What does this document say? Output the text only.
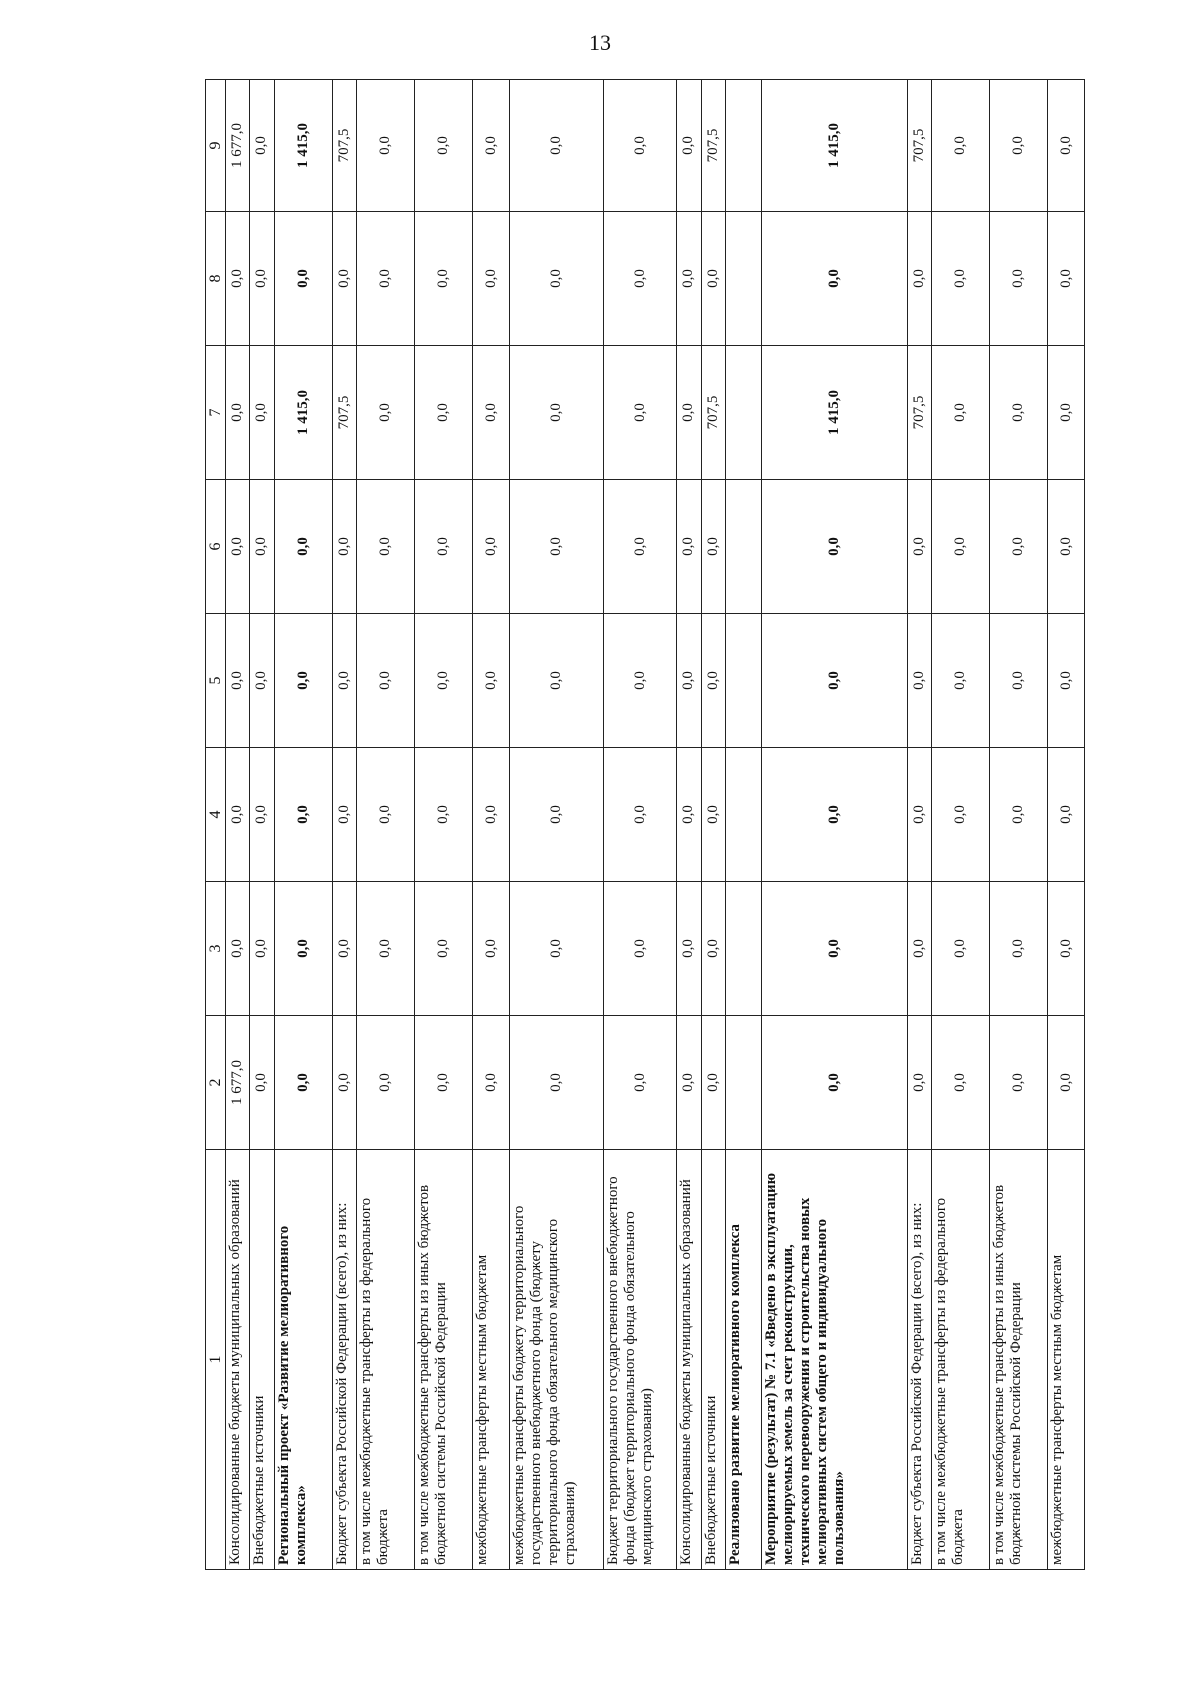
13
1	2	3	4	5	6	7	8	9
Консолидированные бюджеты муниципальных образований	1 677,0	0,0	0,0	0,0	0,0	0,0	0,0	1 677,0
Внебюджетные источники	0,0	0,0	0,0	0,0	0,0	0,0	0,0	0,0
Региональный проект «Развитие мелиоративного комплекса»	0,0	0,0	0,0	0,0	0,0	1 415,0	0,0	1 415,0
Бюджет субъекта Российской Федерации (всего), из них:	0,0	0,0	0,0	0,0	0,0	707,5	0,0	707,5
в том числе межбюджетные трансферты из федерального бюджета	0,0	0,0	0,0	0,0	0,0	0,0	0,0	0,0
в том числе межбюджетные трансферты из иных бюджетов бюджетной системы Российской Федерации	0,0	0,0	0,0	0,0	0,0	0,0	0,0	0,0
межбюджетные трансферты местным бюджетам	0,0	0,0	0,0	0,0	0,0	0,0	0,0	0,0
межбюджетные трансферты бюджету территориального государственного внебюджетного фонда (бюджету территориального фонда обязательного медицинского страхования)	0,0	0,0	0,0	0,0	0,0	0,0	0,0	0,0
Бюджет территориального государственного внебюджетного фонда (бюджет территориального фонда обязательного медицинского страхования)	0,0	0,0	0,0	0,0	0,0	0,0	0,0	0,0
Консолидированные бюджеты муниципальных образований	0,0	0,0	0,0	0,0	0,0	0,0	0,0	0,0
Внебюджетные источники	0,0	0,0	0,0	0,0	0,0	707,5	0,0	707,5
Реализовано развитие мелиоративного комплекса								
Мероприятие (результат) № 7.1 «Введено в эксплуатацию мелиорируемых земель за счет реконструкции, технического перевооружения и строительства новых мелиоративных систем общего и индивидуального пользования»	0,0	0,0	0,0	0,0	0,0	1 415,0	0,0	1 415,0
Бюджет субъекта Российской Федерации (всего), из них:	0,0	0,0	0,0	0,0	0,0	707,5	0,0	707,5
в том числе межбюджетные трансферты из федерального бюджета	0,0	0,0	0,0	0,0	0,0	0,0	0,0	0,0
в том числе межбюджетные трансферты из иных бюджетов бюджетной системы Российской Федерации	0,0	0,0	0,0	0,0	0,0	0,0	0,0	0,0
межбюджетные трансферты местным бюджетам	0,0	0,0	0,0	0,0	0,0	0,0	0,0	0,0
